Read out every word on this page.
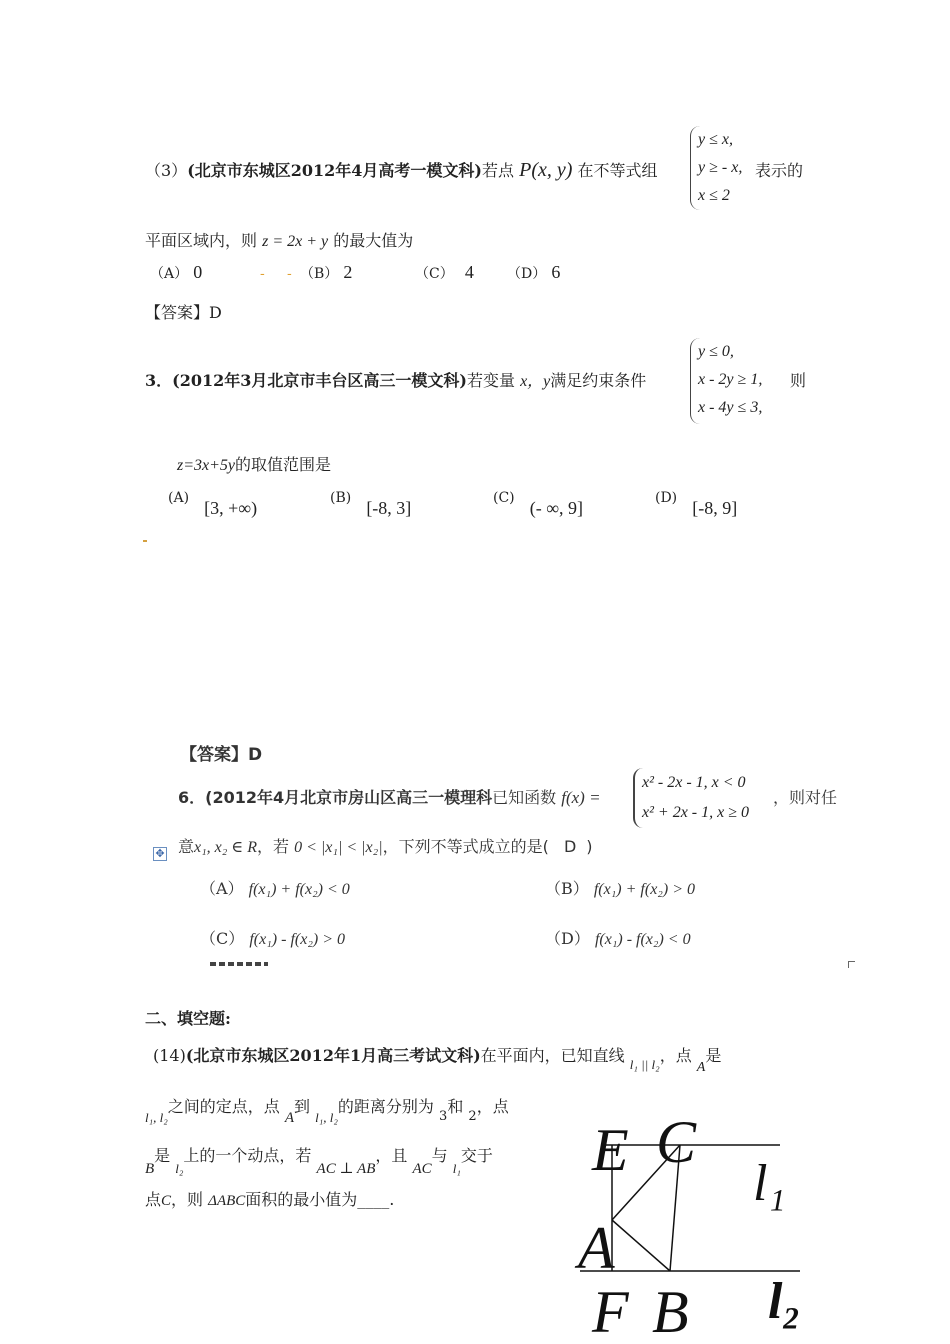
（3）(北京市东城区2012年4月高考一模文科)若点 P(x, y) 在不等式组
y ≤ x,
y ≥ - x,
x ≤ 2
表示的
平面区域内，则 z = 2x + y 的最大值为
（A） 0	-     - （B） 2	（C） 4 （D） 6
【答案】D
3．(2012年3月北京市丰台区高三一模文科)若变量 x，y满足约束条件
y ≤ 0,
x - 2y ≥ 1,
x - 4y ≤ 3,
则
z=3x+5y的取值范围是
(A) [3, +∞)	(B) [-8, 3]	(C) (- ∞, 9]	(D) [-8, 9]
【答案】D
6．(2012年4月北京市房山区高三一模理科已知函数 f(x) =
x² - 2x - 1, x < 0
x² + 2x - 1, x ≥ 0
，则对任
✥ 意x₁, x₂ ∈ R，若 0 < |x₁| < |x₂|，下列不等式成立的是( D )
（A） f(x₁) + f(x₂) < 0	（B） f(x₁) + f(x₂) > 0
（C） f(x₁) - f(x₂) > 0	（D） f(x₁) - f(x₂) < 0
二、填空题:
(14)(北京市东城区2012年1月高三考试文科)在平面内，已知直线 $_{l_1 || l_2}$，点 A是
$_{l_1, l_2}$之间的定点，点 A到 $_{l_1, l_2}$的距离分别为 $_3$和 $_2$，点
B是 $_{l_2}$上的一个动点，若 AC ⊥ AB，且 AC与 $_{l_1}$交于
点C，则 ΔABC面积的最小值为____.
E C
l₁
A
F B l₂
